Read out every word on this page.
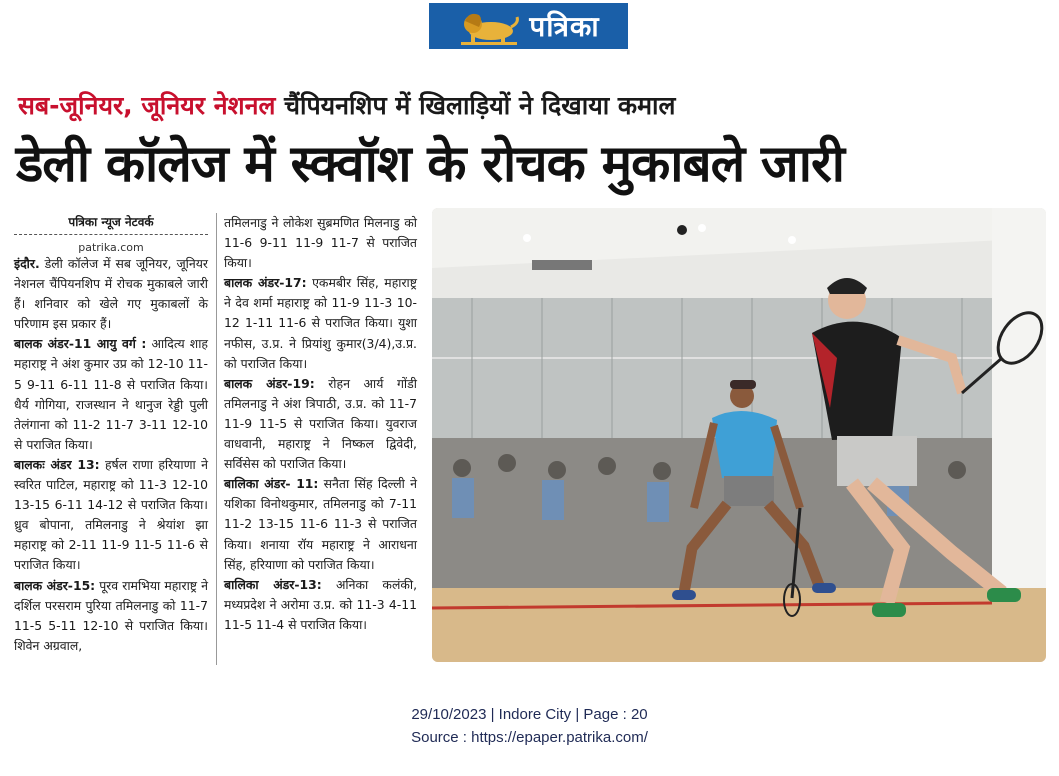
पत्रिका
सब-जूनियर, जूनियर नेशनल चैंपियनशिप में खिलाड़ियों ने दिखाया कमाल
डेली कॉलेज में स्क्वॉश के रोचक मुकाबले जारी
पत्रिका न्यूज नेटवर्क
patrika.com

इंदौर. डेली कॉलेज में सब जूनियर, जूनियर नेशनल चैंपियनशिप में रोचक मुकाबले जारी हैं। शनिवार को खेले गए मुकाबलों के परिणाम इस प्रकार हैं।

बालक अंडर-11 आयु वर्ग : आदित्य शाह महाराष्ट्र ने अंश कुमार उप्र को 12-10 11-5 9-11 6-11 11-8 से पराजित किया। धैर्य गोगिया, राजस्थान ने थानुज रेड्डी पुली तेलंगाना को 11-2 11-7 3-11 12-10 से पराजित किया।

बालकः अंडर 13: हर्षल राणा हरियाणा ने स्वरित पाटिल, महाराष्ट्र को 11-3 12-10 13-15 6-11 14-12 से पराजित किया। ध्रुव बोपाना, तमिलनाडु ने श्रेयांश झा महाराष्ट्र को 2-11 11-9 11-5 11-6 से पराजित किया।

बालक अंडर-15: पूरव रामभिया महाराष्ट्र ने दर्शिल परसराम पुरिया तमिलनाडु को 11-7 11-5 5-11 12-10 से पराजित किया। शिवेन अग्रवाल,

तमिलनाडु ने लोकेश सुब्रमणित मिलनाडु को 11-6 9-11 11-9 11-7 से पराजित किया।

बालक अंडर-17: एकमबीर सिंह, महाराष्ट्र ने देव शर्मा महाराष्ट्र को 11-9 11-3 10-12 1-11 11-6 से पराजित किया। युशा नफीस, उ.प्र. ने प्रियांशु कुमार(3/4),उ.प्र. को पराजित किया।

बालक अंडर-19: रोहन आर्य गोंडी तमिलनाडु ने अंश त्रिपाठी, उ.प्र. को 11-7 11-9 11-5 से पराजित किया। युवराज वाधवानी, महाराष्ट्र ने निष्कल द्विवेदी, सर्विसेस को पराजित किया।

बालिका अंडर- 11: सनैता सिंह दिल्ली ने यशिका विनोथकुमार, तमिलनाडु को 7-11 11-2 13-15 11-6 11-3 से पराजित किया। शनाया रॉय महाराष्ट्र ने आराधना सिंह, हरियाणा को पराजित किया।

बालिका अंडर-13: अनिका कलंकी, मध्यप्रदेश ने अरोमा उ.प्र. को 11-3 4-11 11-5 11-4 से पराजित किया।

29/10/2023 | Indore City | Page : 20
Source : https://epaper.patrika.com/
